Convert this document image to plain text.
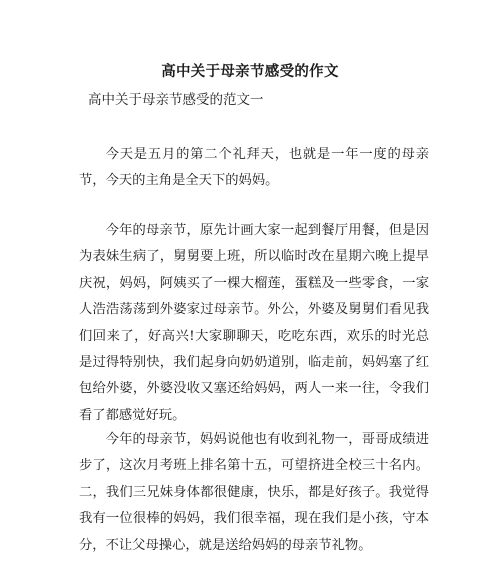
高中关于母亲节感受的作文

高中关于母亲节感受的范文一

今天是五月的第二个礼拜天，也就是一年一度的母亲节，今天的主角是全天下的妈妈。

今年的母亲节，原先计画大家一起到餐厅用餐，但是因为表妹生病了，舅舅要上班，所以临时改在星期六晚上提早庆祝，妈妈，阿姨买了一棵大榴莲，蛋糕及一些零食，一家人浩浩荡荡到外婆家过母亲节。外公，外婆及舅舅们看见我们回来了，好高兴!大家聊聊天，吃吃东西，欢乐的时光总是过得特别快，我们起身向奶奶道别，临走前，妈妈塞了红包给外婆，外婆没收又塞还给妈妈，两人一来一往，令我们看了都感觉好玩。

今年的母亲节，妈妈说他也有收到礼物一，哥哥成绩进步了，这次月考班上排名第十五，可望挤进全校三十名内。二，我们三兄妹身体都很健康，快乐，都是好孩子。我觉得我有一位很棒的妈妈，我们很幸福，现在我们是小孩，守本分，不让父母操心，就是送给妈妈的母亲节礼物。
